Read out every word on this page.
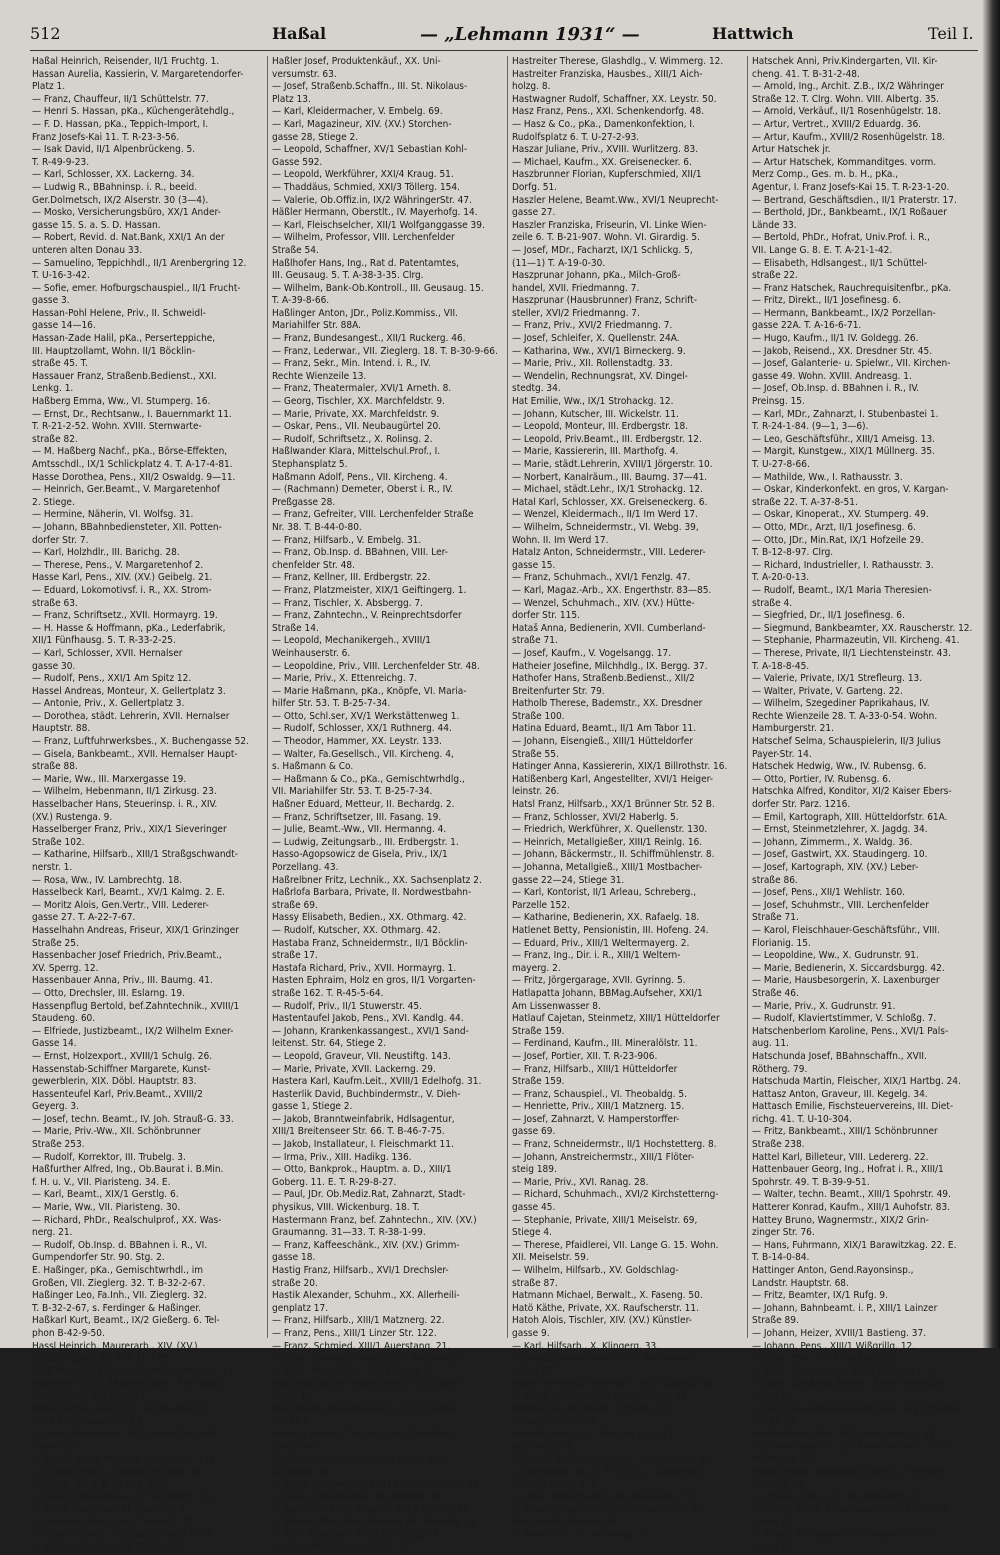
512	Haßal	— „Lehmann 1931“ —	Hattwich	Teil I.
Haßal Heinrich, Reisender, II/1 Fruchtg. 1.
Hassan Aurelia, Kassierin, V. Margaretendorfer-
Platz 1.
— Franz, Chauffeur, II/1 Schüttelstr. 77.
— Henri S. Hassan, pKa., Küchengerätehdlg.,
— F. D. Hassan, pKa., Teppich-Import, I.
Franz Josefs-Kai 11. T. R-23-3-56.
— Isak David, II/1 Alpenbrückeng. 5.
T. R-49-9-23.
— Karl, Schlosser, XX. Lackerng. 34.
— Ludwig R., BBahninsp. i. R., beeid.
Ger.Dolmetsch, IX/2 Alserstr. 30 (3—4).
— Mosko, Versicherungsbüro, XX/1 Ander-
gasse 15. S. a. S. D. Hassan.
— Robert, Revid. d. Nat.Bank, XXI/1 An der
unteren alten Donau 33.
— Samuelino, Teppichhdl., II/1 Arenbergring 12.
T. U-16-3-42.
— Sofie, emer. Hofburgschauspiel., II/1 Frucht-
gasse 3.
Hassan-Pohl Helene, Priv., II. Schweidl-
gasse 14—16.
Hassan-Zade Halil, pKa., Perserteppiche,
III. Hauptzollamt, Wohn. II/1 Böcklin-
straße 45. T.
Hassauer Franz, Straßenb.Bedienst., XXI.
Lenkg. 1.
Haßberg Emma, Ww., VI. Stumperg. 16.
— Ernst, Dr., Rechtsanw., I. Bauernmarkt 11.
T. R-21-2-52. Wohn. XVIII. Sternwarte-
straße 82.
— M. Haßberg Nachf., pKa., Börse-Effekten,
Amtsschdl., IX/1 Schlickplatz 4. T. A-17-4-81.
Hasse Dorothea, Pens., XII/2 Oswaldg. 9—11.
— Heinrich, Ger.Beamt., V. Margaretenhof
2. Stiege.
— Hermine, Näherin, VI. Wolfsg. 31.
— Johann, BBahnbediensteter, XII. Potten-
dorfer Str. 7.
— Karl, Holzhdlr., III. Barichg. 28.
— Therese, Pens., V. Margaretenhof 2.
Hasse Karl, Pens., XIV. (XV.) Geibelg. 21.
— Eduard, Lokomotivsf. i. R., XX. Strom-
straße 63.
— Franz, Schriftsetz., XVII. Hormayrg. 19.
— H. Hasse & Hoffmann, pKa., Lederfabrik,
XII/1 Fünfhausg. 5. T. R-33-2-25.
— Karl, Schlosser, XVII. Hernalser
gasse 30.
— Rudolf, Pens., XXI/1 Am Spitz 12.
Hassel Andreas, Monteur, X. Gellertplatz 3.
— Antonie, Priv., X. Gellertplatz 3.
— Dorothea, städt. Lehrerin, XVII. Hernalser
Hauptstr. 88.
— Franz, Luftfuhrwerksbes., X. Buchengasse 52.
— Gisela, Bankbeamt., XVII. Hernalser Haupt-
straße 88.
— Marie, Ww., III. Marxergasse 19.
— Wilhelm, Hebenmann, II/1 Zirkusg. 23.
Hasselbacher Hans, Steuerinsp. i. R., XIV.
(XV.) Rustenga. 9.
Hasselberger Franz, Priv., XIX/1 Sieveringer
Straße 102.
— Katharine, Hilfsarb., XIII/1 Straßgschwandt-
nerstr. 1.
— Rosa, Ww., IV. Lambrechtg. 18.
Hasselbeck Karl, Beamt., XV/1 Kalmg. 2. E.
— Moritz Alois, Gen.Vertr., VIII. Lederer-
gasse 27. T. A-22-7-67.
Hasselhahn Andreas, Friseur, XIX/1 Grinzinger
Straße 25.
Hassenbacher Josef Friedrich, Priv.Beamt.,
XV. Sperrg. 12.
Hassenbauer Anna, Priv., III. Baumg. 41.
— Otto, Drechsler, III. Eslarng. 19.
Hassenpflug Bertold, bef.Zahntechnik., XVIII/1
Staudeng. 60.
— Elfriede, Justizbeamt., IX/2 Wilhelm Exner-
Gasse 14.
— Ernst, Holzexport., XVIII/1 Schulg. 26.
Hassenstab-Schiffner Margarete, Kunst-
gewerblerin, XIX. Döbl. Hauptstr. 83.
Hassenteufel Karl, Priv.Beamt., XVIII/2
Geyerg. 3.
— Josef, techn. Beamt., IV. Joh. Strauß-G. 33.
— Marie, Priv.-Ww., XII. Schönbrunner
Straße 253.
— Rudolf, Korrektor, III. Trubelg. 3.
Haßfurther Alfred, Ing., Ob.Baurat i. B.Min.
f. H. u. V., VII. Piaristeng. 34. E.
— Karl, Beamt., XIX/1 Gerstlg. 6.
— Marie, Ww., VII. Piaristeng. 30.
— Richard, PhDr., Realschulprof., XX. Was-
nerg. 21.
— Rudolf, Ob.Insp. d. BBahnen i. R., VI.
Gumpendorfer Str. 90. Stg. 2.
E. Haßinger, pKa., Gemischtwrhdl., im
Großen, VII. Zieglerg. 32. T. B-32-2-67.
Haßinger Leo, Fa.Inh., VII. Zieglerg. 32.
T. B-32-2-67, s. Ferdinger & Haßinger.
Haßkarl Kurt, Beamt., IX/2 Gießerg. 6. Tel-
phon B-42-9-50.
Hassl Heinrich, Maurerarb., XIV. (XV.)
Goldschlagstr. 81. T. A-31-1-65.
Häßl Heinrich, Magistrbeamt., III. Hegerg. 14.
Haßlehner Otto, BBahnschaffn., XIV. Rauch-
fangkehrerg. 29, Stiege 1.
Haßler Anna, Fleisch- u. Selchw.Versch.,
XIII/1 Breitenseer Str. 69.
— Anna, Kontoristin, XV/1 Sebastian Kohl-
Gasse 592.
— Anton, akad. Maler, X. Quellenstr. 121.
— Eugen, Hüte u. Kappen en gros, VII.
Seideng. 32. T. B-39-203. Clrg.
— Franz, Hilfsmonteur, IV. Schäfferg. 10.
— Franz, Ingenieur, III. Mechelg. 6.
— Hermine, Pens., XVI. Thaliastr. 72.
— Hilda, Private, XIII/1 Breitenseer Str. 6.
— Johann, Beamt., II/1 Erlafstr. 5.
Haßler Josef, Produktenkäuf., XX. Uni-
versumstr. 63.
— Josef, Straßenb.Schaffn., III. St. Nikolaus-
Platz 13.
— Karl, Kleidermacher, V. Embelg. 69.
— Karl, Magazineur, XIV. (XV.) Storchen-
gasse 28, Stiege 2.
— Leopold, Schaffner, XV/1 Sebastian Kohl-
Gasse 592.
— Leopold, Werkführer, XXI/4 Kraug. 51.
— Thaddäus, Schmied, XXI/3 Töllerg. 154.
— Valerie, Ob.Offiz.in, IX/2 WähringerStr. 47.
Häßler Hermann, Oberstlt., IV. Mayerhofg. 14.
— Karl, Fleischselcher, XII/1 Wolfganggasse 39.
— Wilhelm, Professor, VIII. Lerchenfelder
Straße 54.
Haßlhofer Hans, Ing., Rat d. Patentamtes,
III. Geusaug. 5. T. A-38-3-35. Clrg.
— Wilhelm, Bank-Ob.Kontroll., III. Geusaug. 15.
T. A-39-8-66.
Haßlinger Anton, JDr., Poliz.Kommiss., VII.
Mariahilfer Str. 88A.
— Franz, Bundesangest., XII/1 Ruckerg. 46.
— Franz, Lederwar., VII. Zieglerg. 18. T. B-30-9-66.
— Franz, Sekr., Min. Intend. i. R., IV.
Rechte Wienzeile 13.
— Franz, Theatermaler, XVI/1 Arneth. 8.
— Georg, Tischler, XX. Marchfeldstr. 9.
— Marie, Private, XX. Marchfeldstr. 9.
— Oskar, Pens., VII. Neubaugürtel 20.
— Rudolf, Schriftsetz., X. Rolinsg. 2.
Haßlwander Klara, Mittelschul.Prof., I.
Stephansplatz 5.
Haßmann Adolf, Pens., VII. Kircheng. 4.
— (Rachmann) Demeter, Oberst i. R., IV.
Preßgasse 28.
— Franz, Gefreiter, VIII. Lerchenfelder Straße
Nr. 38. T. B-44-0-80.
— Franz, Hilfsarb., V. Embelg. 31.
— Franz, Ob.Insp. d. BBahnen, VIII. Ler-
chenfelder Str. 48.
— Franz, Kellner, III. Erdbergstr. 22.
— Franz, Platzmeister, XIX/1 Geiftingerg. 1.
— Franz, Tischler, X. Absbergg. 7.
— Franz, Zahntechn., V. Reinprechtsdorfer
Straße 14.
— Leopold, Mechanikergeh., XVIII/1
Weinhauserstr. 6.
— Leopoldine, Priv., VIII. Lerchenfelder Str. 48.
— Marie, Priv., X. Ettenreichg. 7.
— Marie Haßmann, pKa., Knöpfe, VI. Maria-
hilfer Str. 53. T. B-25-7-34.
— Otto, Schl.ser, XV/1 Werkstättenweg 1.
— Rudolf, Schlosser, XX/1 Ruthnerg. 44.
— Theodor, Hammer, XX. Leystr. 133.
— Walter, Fa.Gesellsch., VII. Kircheng. 4,
s. Haßmann & Co.
— Haßmann & Co., pKa., Gemischtwrhdlg.,
VII. Mariahilfer Str. 53. T. B-25-7-34.
Haßner Eduard, Metteur, II. Bechardg. 2.
— Franz, Schriftsetzer, III. Fasang. 19.
— Julie, Beamt.-Ww., VII. Hermanng. 4.
— Ludwig, Zeitungsarb., III. Erdbergstr. 1.
Hasso-Agopsowicz de Gisela, Priv., IX/1
Porzellang. 43.
Haßrelbner Fritz, Lechnik., XX. Sachsenplatz 2.
Haßrlofa Barbara, Private, II. Nordwestbahn-
straße 69.
Hassy Elisabeth, Bedien., XX. Othmarg. 42.
— Rudolf, Kutscher, XX. Othmarg. 42.
Hastaba Franz, Schneidermstr., II/1 Böcklin-
straße 17.
Hastafa Richard, Priv., XVII. Hormayrg. 1.
Hasten Ephraim, Holz en gros, II/1 Vorgarten-
straße 162. T. R-45-5-64.
— Rudolf, Priv., II/1 Stuwerstr. 45.
Hastentaufel Jakob, Pens., XVI. Kandlg. 44.
— Johann, Krankenkassangest., XVI/1 Sand-
leitenst. Str. 64, Stiege 2.
— Leopold, Graveur, VII. Neustiftg. 143.
— Marie, Private, XVII. Lackerng. 29.
Hastera Karl, Kaufm.Leit., XVIII/1 Edelhofg. 31.
Hasterlik David, Buchbindermstr., V. Dieh-
gasse 1, Stiege 2.
— Jakob, Branntweinfabrik, Hdlsagentur,
XIII/1 Breitenseer Str. 66. T. B-46-7-75.
— Jakob, Installateur, I. Fleischmarkt 11.
— Irma, Priv., XIII. Hadikg. 136.
— Otto, Bankprok., Hauptm. a. D., XIII/1
Goberg. 11. E. T. R-29-8-27.
— Paul, JDr. Ob.Mediz.Rat, Zahnarzt, Stadt-
physikus, VIII. Wickenburg. 18. T.
Hastermann Franz, bef. Zahntechn., XIV. (XV.)
Graumanng. 31—33. T. R-38-1-99.
— Franz, Kaffeeschänk., XIV. (XV.) Grimm-
gasse 18.
Hastig Franz, Hilfsarb., XVI/1 Drechsler-
straße 20.
Hastik Alexander, Schuhm., XX. Allerheili-
genplatz 17.
— Franz, Hilfsarb., XIII/1 Matznerg. 22.
— Franz, Pens., XIII/1 Linzer Str. 122.
— Franz, Schmied, XIII/1 Auerstang. 21.
— Josef, Bahnbediensteter, III. Rennweg 1.
— Josef, Hutmacher, XIII/1 Kostg. 7.
Hastinger Julius, Goldschmied, XVI/1 Bren-
dlerg. 16.
Hastl Marie, Kanditengesch., XVII. Dörfel-
straße 9.
Hastnig Roman, Tischler, XIV. Goldschlag-
straße 40.
Hastreiter Adolf, Zeitungs-Exped., XVII.
Lacknerg. 30.
— Anna, Hauswartin, XIII/1 Hütteldorferstr. 18.
— Franz, Hilfsarbeiter, XV. Märzstr. 23.
— Josef, Straßenb.Angest., XVI/1 Kollerg. 40.
— Johann, Maschinschlosser, XV. Tanneng. 16.
— Karl, Schlosser, XXI/2 Schlöglg. 49.
— Rosa, Hilfsarb., III. Köllig. 30.
Hastreiter Therese, Glashdlg., V. Wimmerg. 12.
Hastreiter Franziska, Hausbes., XIII/1 Aich-
holzg. 8.
Hastwagner Rudolf, Schaffner, XX. Leystr. 50.
Hasz Franz, Pens., XXI. Schenkendorfg. 48.
— Hasz & Co., pKa., Damenkonfektion, I.
Rudolfsplatz 6. T. U-27-2-93.
Haszar Juliane, Priv., XVIII. Wurlitzerg. 83.
— Michael, Kaufm., XX. Greisenecker. 6.
Haszbrunner Florian, Kupferschmied, XII/1
Dorfg. 51.
Haszler Helene, Beamt.Ww., XVI/1 Neuprecht-
gasse 27.
Haszler Franziska, Friseurin, VI. Linke Wien-
zeile 6. T. B-21-907. Wohn. VI. Girardig. 5.
— Josef, MDr., Facharzt, IX/1 Schlickg. 5,
(11—1) T. A-19-0-30.
Haszprunar Johann, pKa., Milch-Groß-
handel, XVII. Friedmanng. 7.
Haszprunar (Hausbrunner) Franz, Schrift-
steller, XVI/2 Friedmanng. 7.
— Franz, Priv., XVI/2 Friedmanng. 7.
— Josef, Schleifer, X. Quellenstr. 24A.
— Katharina, Ww., XVI/1 Birneckerg. 9.
— Marie, Priv., XII. Rollenstadtg. 33.
— Wendelin, Rechnungsrat, XV. Dingel-
stedtg. 34.
Hat Emilie, Ww., IX/1 Strohackg. 12.
— Johann, Kutscher, III. Wickelstr. 11.
— Leopold, Monteur, III. Erdbergstr. 18.
— Leopold, Priv.Beamt., III. Erdbergstr. 12.
— Marie, Kassiererin, III. Marthofg. 4.
— Marie, städt.Lehrerin, XVIII/1 Jörgerstr. 10.
— Norbert, Kanalräum., III. Baumg. 37—41.
— Michael, städt.Lehr., IX/1 Strohackg. 12.
Hatal Karl, Schlosser, XX. Greiseneckerg. 6.
— Wenzel, Kleidermach., II/1 Im Werd 17.
— Wilhelm, Schneidermstr., VI. Webg. 39,
Wohn. II. Im Werd 17.
Hatalz Anton, Schneidermstr., VIII. Lederer-
gasse 15.
— Franz, Schuhmach., XVI/1 Fenzlg. 47.
— Karl, Magaz.-Arb., XX. Engerthstr. 83—85.
— Wenzel, Schuhmach., XIV. (XV.) Hütte-
dorfer Str. 115.
Hataš Anna, Bedienerin, XVII. Cumberland-
straße 71.
— Josef, Kaufm., V. Vogelsangg. 17.
Hatheier Josefine, Milchhdlg., IX. Bergg. 37.
Hathofer Hans, Straßenb.Bedienst., XII/2
Breitenfurter Str. 79.
Hatholb Therese, Bademstr., XX. Dresdner
Straße 100.
Hatina Eduard, Beamt., II/1 Am Tabor 11.
— Johann, Eisengieß., XIII/1 Hütteldorfer
Straße 55.
Hatinger Anna, Kassiererin, XIX/1 Billrothstr. 16.
Hatißenberg Karl, Angestellter, XVI/1 Heiger-
leinstr. 26.
Hatsl Franz, Hilfsarb., XX/1 Brünner Str. 52 B.
— Franz, Schlosser, XVI/2 Haberlg. 5.
— Friedrich, Werkführer, X. Quellenstr. 130.
— Heinrich, Metallgießer, XIII/1 Reinlg. 16.
— Johann, Bäckermstr., II. Schiffmühlenstr. 8.
— Johanna, Metallgieß., XIII/1 Mostbacher-
gasse 22—24, Stiege 31.
— Karl, Kontorist, II/1 Arleau, Schreberg.,
Parzelle 152.
— Katharine, Bedienerin, XX. Rafaelg. 18.
Hatlenet Betty, Pensionistin, III. Hofeng. 24.
— Eduard, Priv., XIII/1 Weltermayerg. 2.
— Franz, Ing., Dir. i. R., XIII/1 Weltern-
mayerg. 2.
— Fritz, Jörgergarage, XVII. Gyrinng. 5.
Hatlapatta Johann, BBMag.Aufseher, XXI/1
Am Lissenwasser 8.
Hatlauf Cajetan, Steinmetz, XIII/1 Hütteldorfer
Straße 159.
— Ferdinand, Kaufm., III. Mineralölstr. 11.
— Josef, Portier, XII. T. R-23-906.
— Franz, Hilfsarb., XIII/1 Hütteldorfer
Straße 159.
— Franz, Schauspiel., VI. Theobaldg. 5.
— Henriette, Priv., XIII/1 Matznerg. 15.
— Josef, Zahnarzt, V. Hamperstorffer-
gasse 69.
— Franz, Schneidermstr., II/1 Hochstetterg. 8.
— Johann, Anstreichermstr., XIII/1 Flöter-
steig 189.
— Marie, Priv., XVI. Ranag. 28.
— Richard, Schuhmach., XVI/2 Kirchstetterng-
gasse 45.
— Stephanie, Private, XIII/1 Meiselstr. 69,
Stiege 4.
— Therese, Pfaidlerei, VII. Lange G. 15. Wohn.
XII. Meiselstr. 59.
— Wilhelm, Hilfsarb., XV. Goldschlag-
straße 87.
Hatmann Michael, Berwalt., X. Faseng. 50.
Hatö Käthe, Private, XX. Raufscherstr. 11.
Hatoh Alois, Tischler, XIV. (XV.) Künstler-
gasse 9.
— Karl, Hilfsarb., X. Klingerg. 33.
Hatowes Johann, Maler, XVII. Weidmann-
gasse 25.
Hatra Hermand, Motorführ., XV/1 Chamg. 46.
— Franz, Dreher, XII/2 Czegmayerg. 64.
Hatrelmühl, Straßenb., Schaffn., XVI.
Schuhmeierplatz 9.
Hatrofa Franz, Ing., Min.Rat i. R., II/1
Böcklinstr. 16.
Hatschef Rudolf, Reisender, XX. Wehlistr. 94.
— Alexander, Dir. d. Pr. Giro- u. Kassenver.,
I. Hoher Markt 7. T.
— Josef, Hilfsarbeiter, XVI. Hasnerstr. 79.
— Amalie, Papier- u. Galanteriewrhdlg., II/1
Franzensbrückenstr. 26.
— Anna, Priv., III. Andreasg. 1.
Hatschek Anni, Priv.Kindergarten, VII. Kir-
cheng. 41. T. B-31-2-48.
— Arnold, Ing., Archit. Z.B., IX/2 Währinger
Straße 12. T. Clrg. Wohn. VIII. Albertg. 35.
— Arnold, Verkäuf., II/1 Rosenhügelstr. 18.
— Artur, Vertret., XVIII/2 Eduardg. 36.
— Artur, Kaufm., XVIII/2 Rosenhügelstr. 18.
Artur Hatschek jr.
— Artur Hatschek, Kommanditges. vorm.
Merz Comp., Ges. m. b. H., pKa.,
Agentur, I. Franz Josefs-Kai 15. T. R-23-1-20.
— Bertrand, Geschäftsdien., II/1 Praterstr. 17.
— Berthold, JDr., Bankbeamt., IX/1 Roßauer
Lände 33.
— Bertold, PhDr., Hofrat, Univ.Prof. i. R.,
VII. Lange G. 8. E. T. A-21-1-42.
— Elisabeth, Hdlsangest., II/1 Schüttel-
straße 22.
— Franz Hatschek, Rauchrequisitenfbr., pKa.
— Fritz, Direkt., II/1 Josefinesg. 6.
— Hermann, Bankbeamt., IX/2 Porzellan-
gasse 22A. T. A-16-6-71.
— Hugo, Kaufm., II/1 IV. Goldegg. 26.
— Jakob, Reisend., XX. Dresdner Str. 45.
— Josef, Galanterie- u. Spielwr., VII. Kirchen-
gasse 49. Wohn. XVIII. Andreasg. 1.
— Josef, Ob.Insp. d. BBahnen i. R., IV.
Preinsg. 15.
— Karl, MDr., Zahnarzt, I. Stubenbastei 1.
T. R-24-1-84. (9—1, 3—6).
— Leo, Geschäftsführ., XIII/1 Ameisg. 13.
— Margit, Kunstgew., XIX/1 Müllnerg. 35.
T. U-27-8-66.
— Mathilde, Ww., I. Rathausstr. 3.
— Oskar, Kinderkonfekt. en gros, V. Kargan-
straße 22. T. A-37-8-51.
— Oskar, Kinoperat., XV. Stumperg. 49.
— Otto, MDr., Arzt, II/1 Josefinesg. 6.
— Otto, JDr., Min.Rat, IX/1 Hofzeile 29.
T. B-12-8-97. Clrg.
— Richard, Industrieller, I. Rathausstr. 3.
T. A-20-0-13.
— Rudolf, Beamt., IX/1 Maria Theresien-
straße 4.
— Siegfried, Dr., II/1 Josefinesg. 6.
— Siegmund, Bankbeamter, XX. Rauscherstr. 12.
— Stephanie, Pharmazeutin, VII. Kircheng. 41.
— Therese, Private, II/1 Liechtensteinstr. 43.
T. A-18-8-45.
— Valerie, Private, IX/1 Strefleurg. 13.
— Walter, Private, V. Garteng. 22.
— Wilhelm, Szegediner Paprikahaus, IV.
Rechte Wienzeile 28. T. A-33-0-54. Wohn.
Hamburgerstr. 21.
Hatschef Selma, Schauspielerin, II/3 Julius
Payer-Str. 14.
Hatschek Hedwig, Ww., IV. Rubensg. 6.
— Otto, Portier, IV. Rubensg. 6.
Hatschka Alfred, Konditor, XI/2 Kaiser Ebers-
dorfer Str. Parz. 1216.
— Emil, Kartograph, XIII. Hütteldorfstr. 61A.
— Ernst, Steinmetzlehrer, X. Jagdg. 34.
— Johann, Zimmerm., X. Waldg. 36.
— Josef, Gastwirt, XX. Staudingerg. 10.
— Josef, Kartograph, XIV. (XV.) Leber-
straße 86.
— Josef, Pens., XII/1 Wehlistr. 160.
— Josef, Schuhmstr., VIII. Lerchenfelder
Straße 71.
— Karol, Fleischhauer-Geschäftsführ., VIII.
Florianig. 15.
— Leopoldine, Ww., X. Gudrunstr. 91.
— Marie, Bedienerin, X. Siccardsburgg. 42.
— Marie, Hausbesorgerin, X. Laxenburger
Straße 46.
— Marie, Priv., X. Gudrunstr. 91.
— Rudolf, Klaviertstimmer, V. Schloßg. 7.
Hatschenberlom Karoline, Pens., XVI/1 Pals-
aug. 11.
Hatschunda Josef, BBahnschaffn., XVII.
Rötherg. 79.
Hatschuda Martin, Fleischer, XIX/1 Hartbg. 24.
Hattasz Anton, Graveur, III. Kegelg. 34.
Hattasch Emilie, Fischsteuervereins, III. Diet-
richg. 41. T. U-10-304.
— Fritz, Bankbeamt., XIII/1 Schönbrunner
Straße 238.
Hattel Karl, Billeteur, VIII. Ledererg. 22.
Hattenbauer Georg, Ing., Hofrat i. R., XIII/1
Spohrstr. 49. T. B-39-9-51.
— Walter, techn. Beamt., XIII/1 Spohrstr. 49.
Hatterer Konrad, Kaufm., XIII/1 Auhofstr. 83.
Hattey Bruno, Wagnermstr., XIX/2 Grin-
zinger Str. 76.
— Hans, Fuhrmann, XIX/1 Barawitzkag. 22. E.
T. B-14-0-84.
Hattinger Anton, Gend.Rayonsinsp.,
Landstr. Hauptstr. 68.
— Fritz, Beamter, IX/1 Rufg. 9.
— Johann, Bahnbeamt. i. P., XIII/1 Lainzer
Straße 89.
— Johann, Heizer, XVIII/1 Bastieng. 37.
— Johann, Pens., XIII/1 Wißgrillg. 12.
— Josef, Priv., XIII/1 Hockeg. 35.
— Josef, Bahnbeamt., XIX/1 Schegarg. 3.
— Josef, Straßenb.Beamt., XVIII/1 Wurlitzer-
gasse 66.
— Karl, Steuerrevisionskommiss., II/1 Schüttel-
straße 33.
Hattler Marie, Ww., VIII. Auerspergstr. 19.
Hattmann Wenzel, Schuhmachermstr., XVII.
Hormayrg. 25.
Hatton Franz, Straßenb.Schaffn., X. Perner-
storferg. 76.
— Johann, Offiz. i. P., XV. Felberstr. 22.
Hattwich Alfred, Hdlsangest., XVI/1 Wichtel-
gasse 12.
— Alfred, Priv.Beamt., V. Hamperstorffer-
gasse 5.
